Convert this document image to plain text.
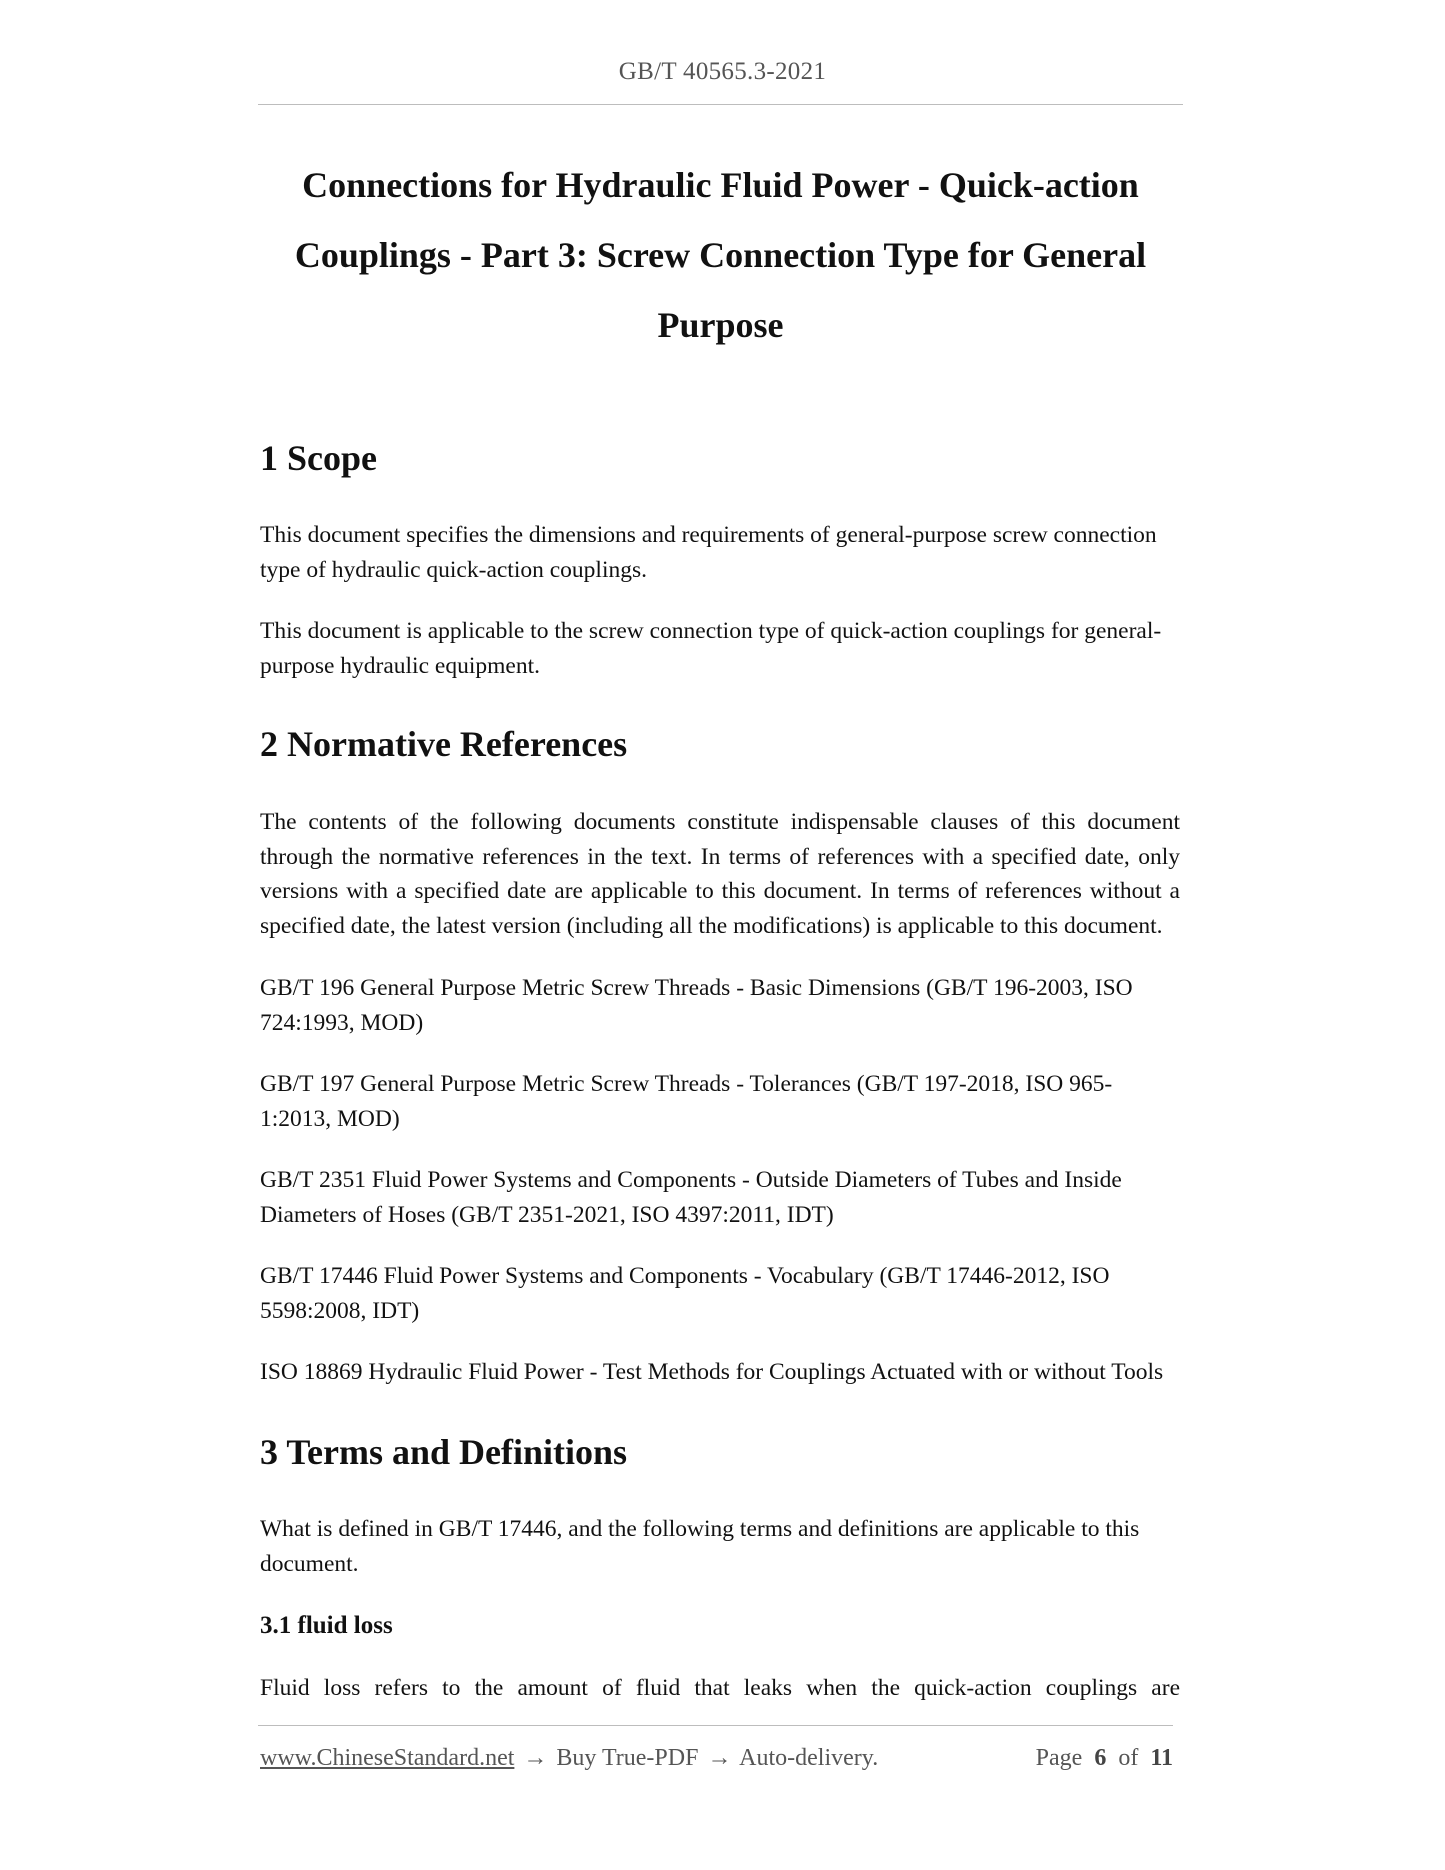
GB/T 40565.3-2021
Connections for Hydraulic Fluid Power - Quick-action Couplings - Part 3: Screw Connection Type for General Purpose
1 Scope

This document specifies the dimensions and requirements of general-purpose screw connection
type of hydraulic quick-action couplings.

This document is applicable to the screw connection type of quick-action couplings for general-
purpose hydraulic equipment.

2 Normative References

The contents of the following documents constitute indispensable clauses of this document through the normative references in the text. In terms of references with a specified date, only versions with a specified date are applicable to this document. In terms of references without a specified date, the latest version (including all the modifications) is applicable to this document.

GB/T 196 General Purpose Metric Screw Threads - Basic Dimensions (GB/T 196-2003, ISO
724:1993, MOD)

GB/T 197 General Purpose Metric Screw Threads - Tolerances (GB/T 197-2018, ISO 965-
1:2013, MOD)

GB/T 2351 Fluid Power Systems and Components - Outside Diameters of Tubes and Inside
Diameters of Hoses (GB/T 2351-2021, ISO 4397:2011, IDT)

GB/T 17446 Fluid Power Systems and Components - Vocabulary (GB/T 17446-2012, ISO
5598:2008, IDT)

ISO 18869 Hydraulic Fluid Power - Test Methods for Couplings Actuated with or without Tools

3 Terms and Definitions

What is defined in GB/T 17446, and the following terms and definitions are applicable to this
document.

3.1 fluid loss

Fluid loss refers to the amount of fluid that leaks when the quick-action couplings are

www.ChineseStandard.net → Buy True-PDF → Auto-delivery.	Page 6 of 11
